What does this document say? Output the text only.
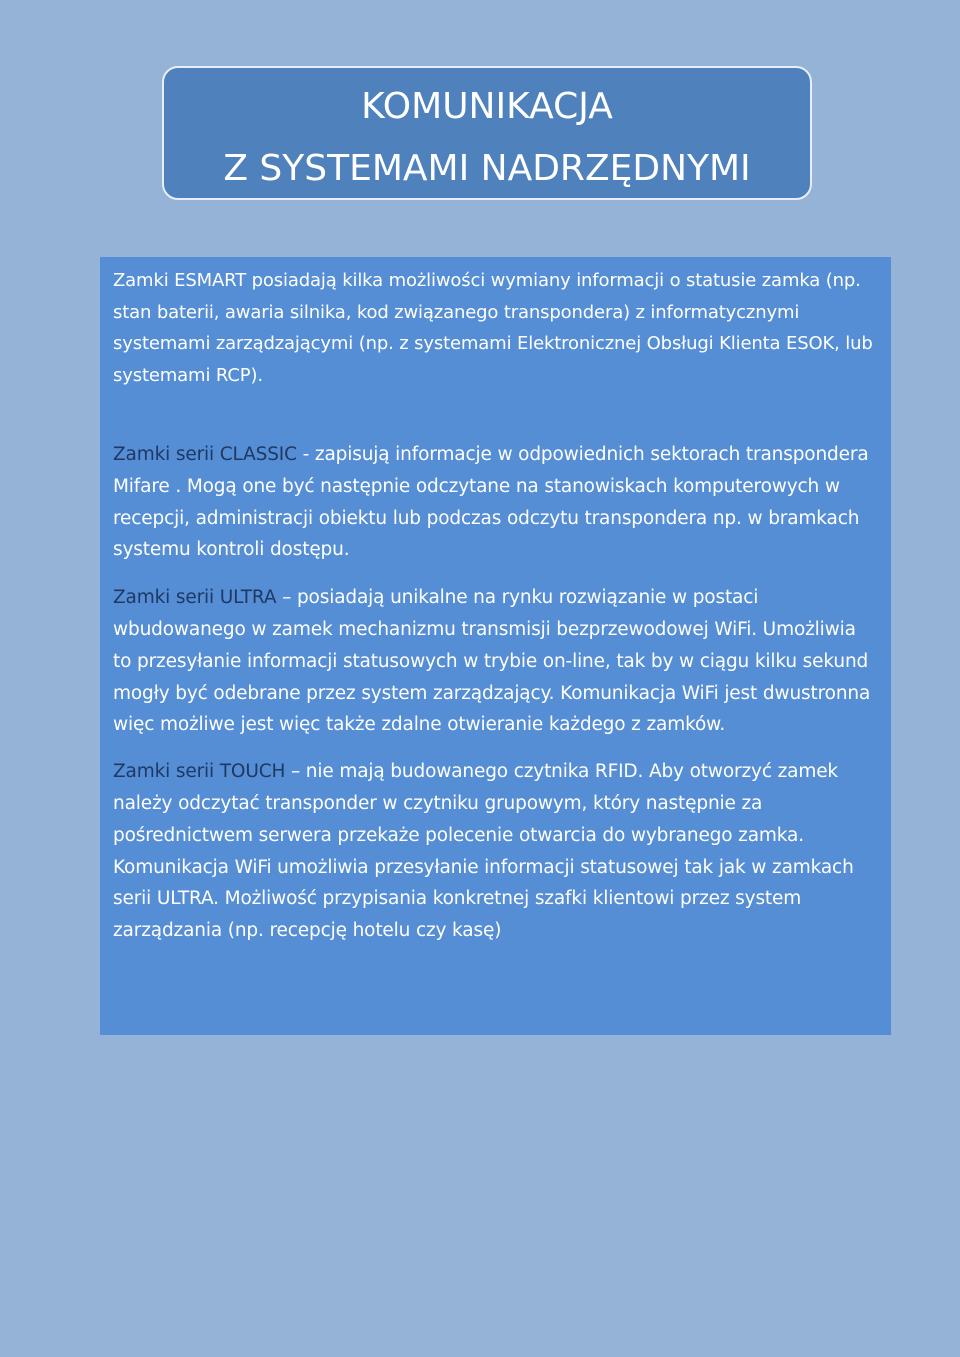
KOMUNIKACJA
Z SYSTEMAMI NADRZĘDNYMI

Zamki ESMART posiadają kilka możliwości wymiany informacji o statusie zamka (np. stan baterii, awaria silnika, kod związanego transpondera) z informatycznymi systemami zarządzającymi (np. z systemami Elektronicznej Obsługi Klienta ESOK, lub systemami RCP).

Zamki serii CLASSIC - zapisują informacje w odpowiednich sektorach transpondera Mifare . Mogą one być następnie odczytane na stanowiskach komputerowych w recepcji, administracji obiektu lub podczas odczytu transpondera np. w bramkach systemu kontroli dostępu.

Zamki serii ULTRA – posiadają unikalne na rynku rozwiązanie w postaci wbudowanego w zamek mechanizmu transmisji bezprzewodowej WiFi. Umożliwia to przesyłanie informacji statusowych w trybie on-line, tak by w ciągu kilku sekund mogły być odebrane przez system zarządzający. Komunikacja WiFi jest dwustronna więc możliwe jest więc także zdalne otwieranie każdego z zamków.

Zamki serii TOUCH – nie mają budowanego czytnika RFID. Aby otworzyć zamek należy odczytać transponder w czytniku grupowym, który następnie za pośrednictwem serwera przekaże polecenie otwarcia do wybranego zamka. Komunikacja WiFi umożliwia przesyłanie informacji statusowej tak jak w zamkach serii ULTRA. Możliwość przypisania konkretnej szafki klientowi przez system zarządzania (np. recepcję hotelu czy kasę)
